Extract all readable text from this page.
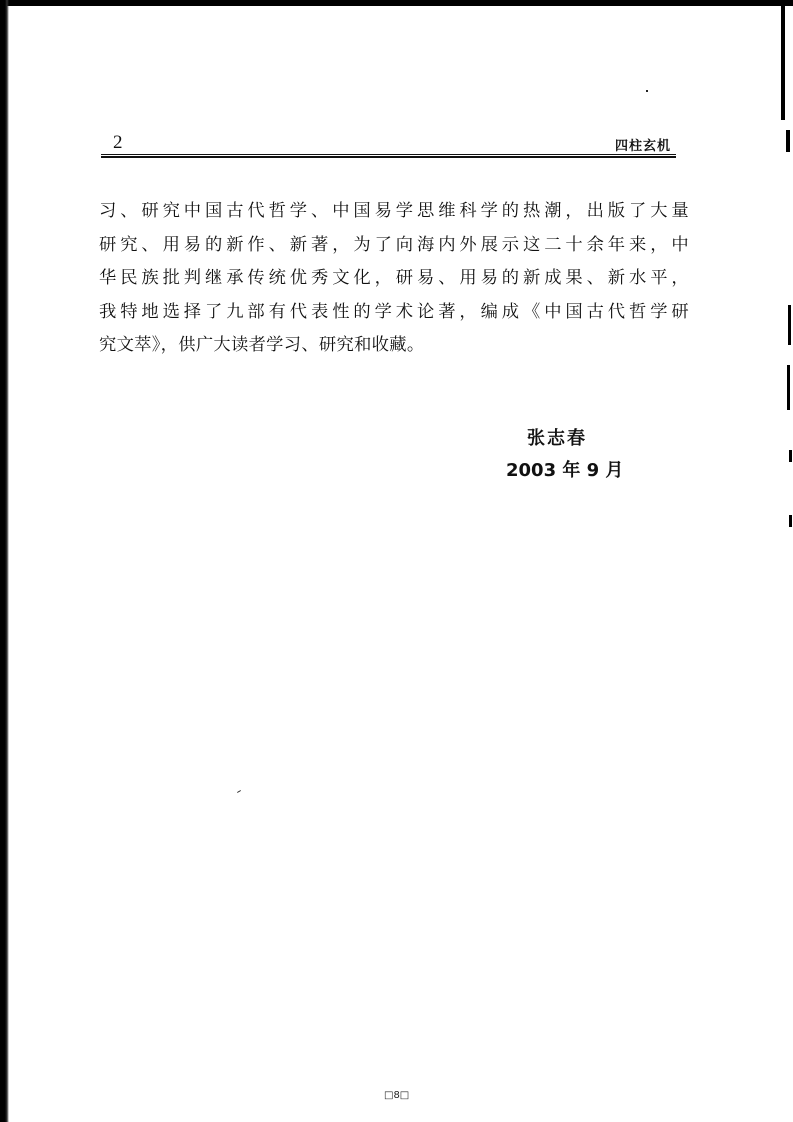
2	四柱玄机
习、研究中国古代哲学、中国易学思维科学的热潮，出版了大量
研究、用易的新作、新著，为了向海内外展示这二十余年来，中
华民族批判继承传统优秀文化，研易、用易的新成果、新水平，
我特地选择了九部有代表性的学术论著，编成《中国古代哲学研
究文萃》，供广大读者学习、研究和收藏。
张志春
2003 年 9 月
□8□
